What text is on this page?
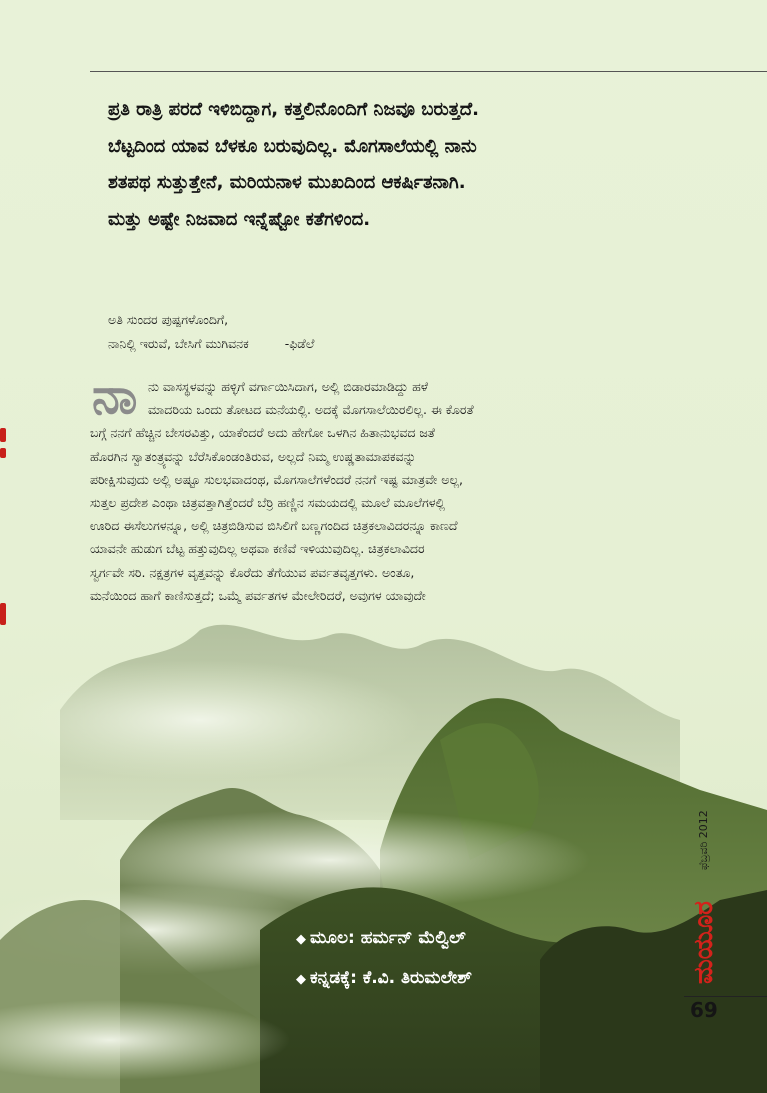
ಪ್ರತಿ ರಾತ್ರಿ ಪರದೆ ಇಳಿಬಿದ್ದಾಗ, ಕತ್ತಲಿನೊಂದಿಗೆ ನಿಜವೂ ಬರುತ್ತದೆ.

ಬೆಟ್ಟದಿಂದ ಯಾವ ಬೆಳಕೂ ಬರುವುದಿಲ್ಲ. ಮೊಗಸಾಲೆಯಲ್ಲಿ ನಾನು

ಶತಪಥ ಸುತ್ತುತ್ತೇನೆ, ಮರಿಯನಾಳ ಮುಖದಿಂದ ಆಕರ್ಷಿತನಾಗಿ.

ಮತ್ತು ಅಷ್ಟೇ ನಿಜವಾದ ಇನ್ನೆಷ್ಟೋ ಕತೆಗಳಿಂದ.

ಅತಿ ಸುಂದರ ಪುಷ್ಪಗಳೊಂದಿಗೆ,

ನಾನಿಲ್ಲಿ ಇರುವೆ, ಬೇಸಿಗೆ ಮುಗಿವನಕ	-ಫಿಡೆಲೆ

ನಾ	ನು ವಾಸಸ್ಥಳವನ್ನು ಹಳ್ಳಿಗೆ ವರ್ಗಾಯಿಸಿದಾಗ, ಅಲ್ಲಿ ಬಿಡಾರಮಾಡಿದ್ದು ಹಳೆ

ಮಾದರಿಯ ಒಂದು ತೋಟದ ಮನೆಯಲ್ಲಿ. ಅದಕ್ಕೆ ಮೊಗಸಾಲೆಯಿರಲಿಲ್ಲ. ಈ ಕೊರತೆ

ಬಗ್ಗೆ ನನಗೆ ಹೆಚ್ಚಿನ ಬೇಸರವಿತ್ತು, ಯಾಕೆಂದರೆ ಅದು ಹೇಗೋ ಒಳಗಿನ ಹಿತಾನುಭವದ ಜತೆ

ಹೊರಗಿನ ಸ್ವಾತಂತ್ರ್ಯವನ್ನು ಬೆರೆಸಿಕೊಂಡಂತಿರುವ, ಅಲ್ಲದೆ ನಿಮ್ಮ ಉಷ್ಣತಾಮಾಪಕವನ್ನು

ಪರೀಕ್ಷಿಸುವುದು ಅಲ್ಲಿ ಅಷ್ಟೂ ಸುಲಭವಾದಂಥ, ಮೊಗಸಾಲೆಗಳೆಂದರೆ ನನಗೆ ಇಷ್ಟ ಮಾತ್ರವೇ ಅಲ್ಲ,

ಸುತ್ತಲ ಪ್ರದೇಶ ಎಂಥಾ ಚಿತ್ರವತ್ತಾಗಿತ್ತೆಂದರೆ ಬೆರ್ರಿ ಹಣ್ಣಿನ ಸಮಯದಲ್ಲಿ ಮೂಲೆ ಮೂಲೆಗಳಲ್ಲಿ

ಊರಿದ ಈಸೆಲುಗಳನ್ನೂ, ಅಲ್ಲಿ ಚಿತ್ರಬಿಡಿಸುವ ಬಿಸಿಲಿಗೆ ಬಣ್ಣಗಂದಿದ ಚಿತ್ರಕಲಾವಿದರನ್ನೂ ಕಾಣದೆ

ಯಾವನೇ ಹುಡುಗ ಬೆಟ್ಟ ಹತ್ತುವುದಿಲ್ಲ ಅಥವಾ ಕಣಿವೆ ಇಳಿಯುವುದಿಲ್ಲ. ಚಿತ್ರಕಲಾವಿದರ

ಸ್ವರ್ಗವೇ ಸರಿ. ನಕ್ಷತ್ರಗಳ ವೃತ್ತವನ್ನು ಕೊರೆದು ತೆಗೆಯುವ ಪರ್ವತವೃತ್ತಗಳು. ಅಂತೂ,

ಮನೆಯಿಂದ ಹಾಗೆ ಕಾಣಿಸುತ್ತದೆ; ಒಮ್ಮೆ ಪರ್ವತಗಳ ಮೇಲೇರಿದರೆ, ಅವುಗಳ ಯಾವುದೇ

◆ ಮೂಲ: ಹರ್ಮನ್ ಮೆಲ್ವಿಲ್
◆ ಕನ್ನಡಕ್ಕೆ: ಕೆ.ವಿ. ತಿರುಮಲೇಶ್
ಫೆಬ್ರವರಿ 2012
ಮಯೂರ
69
